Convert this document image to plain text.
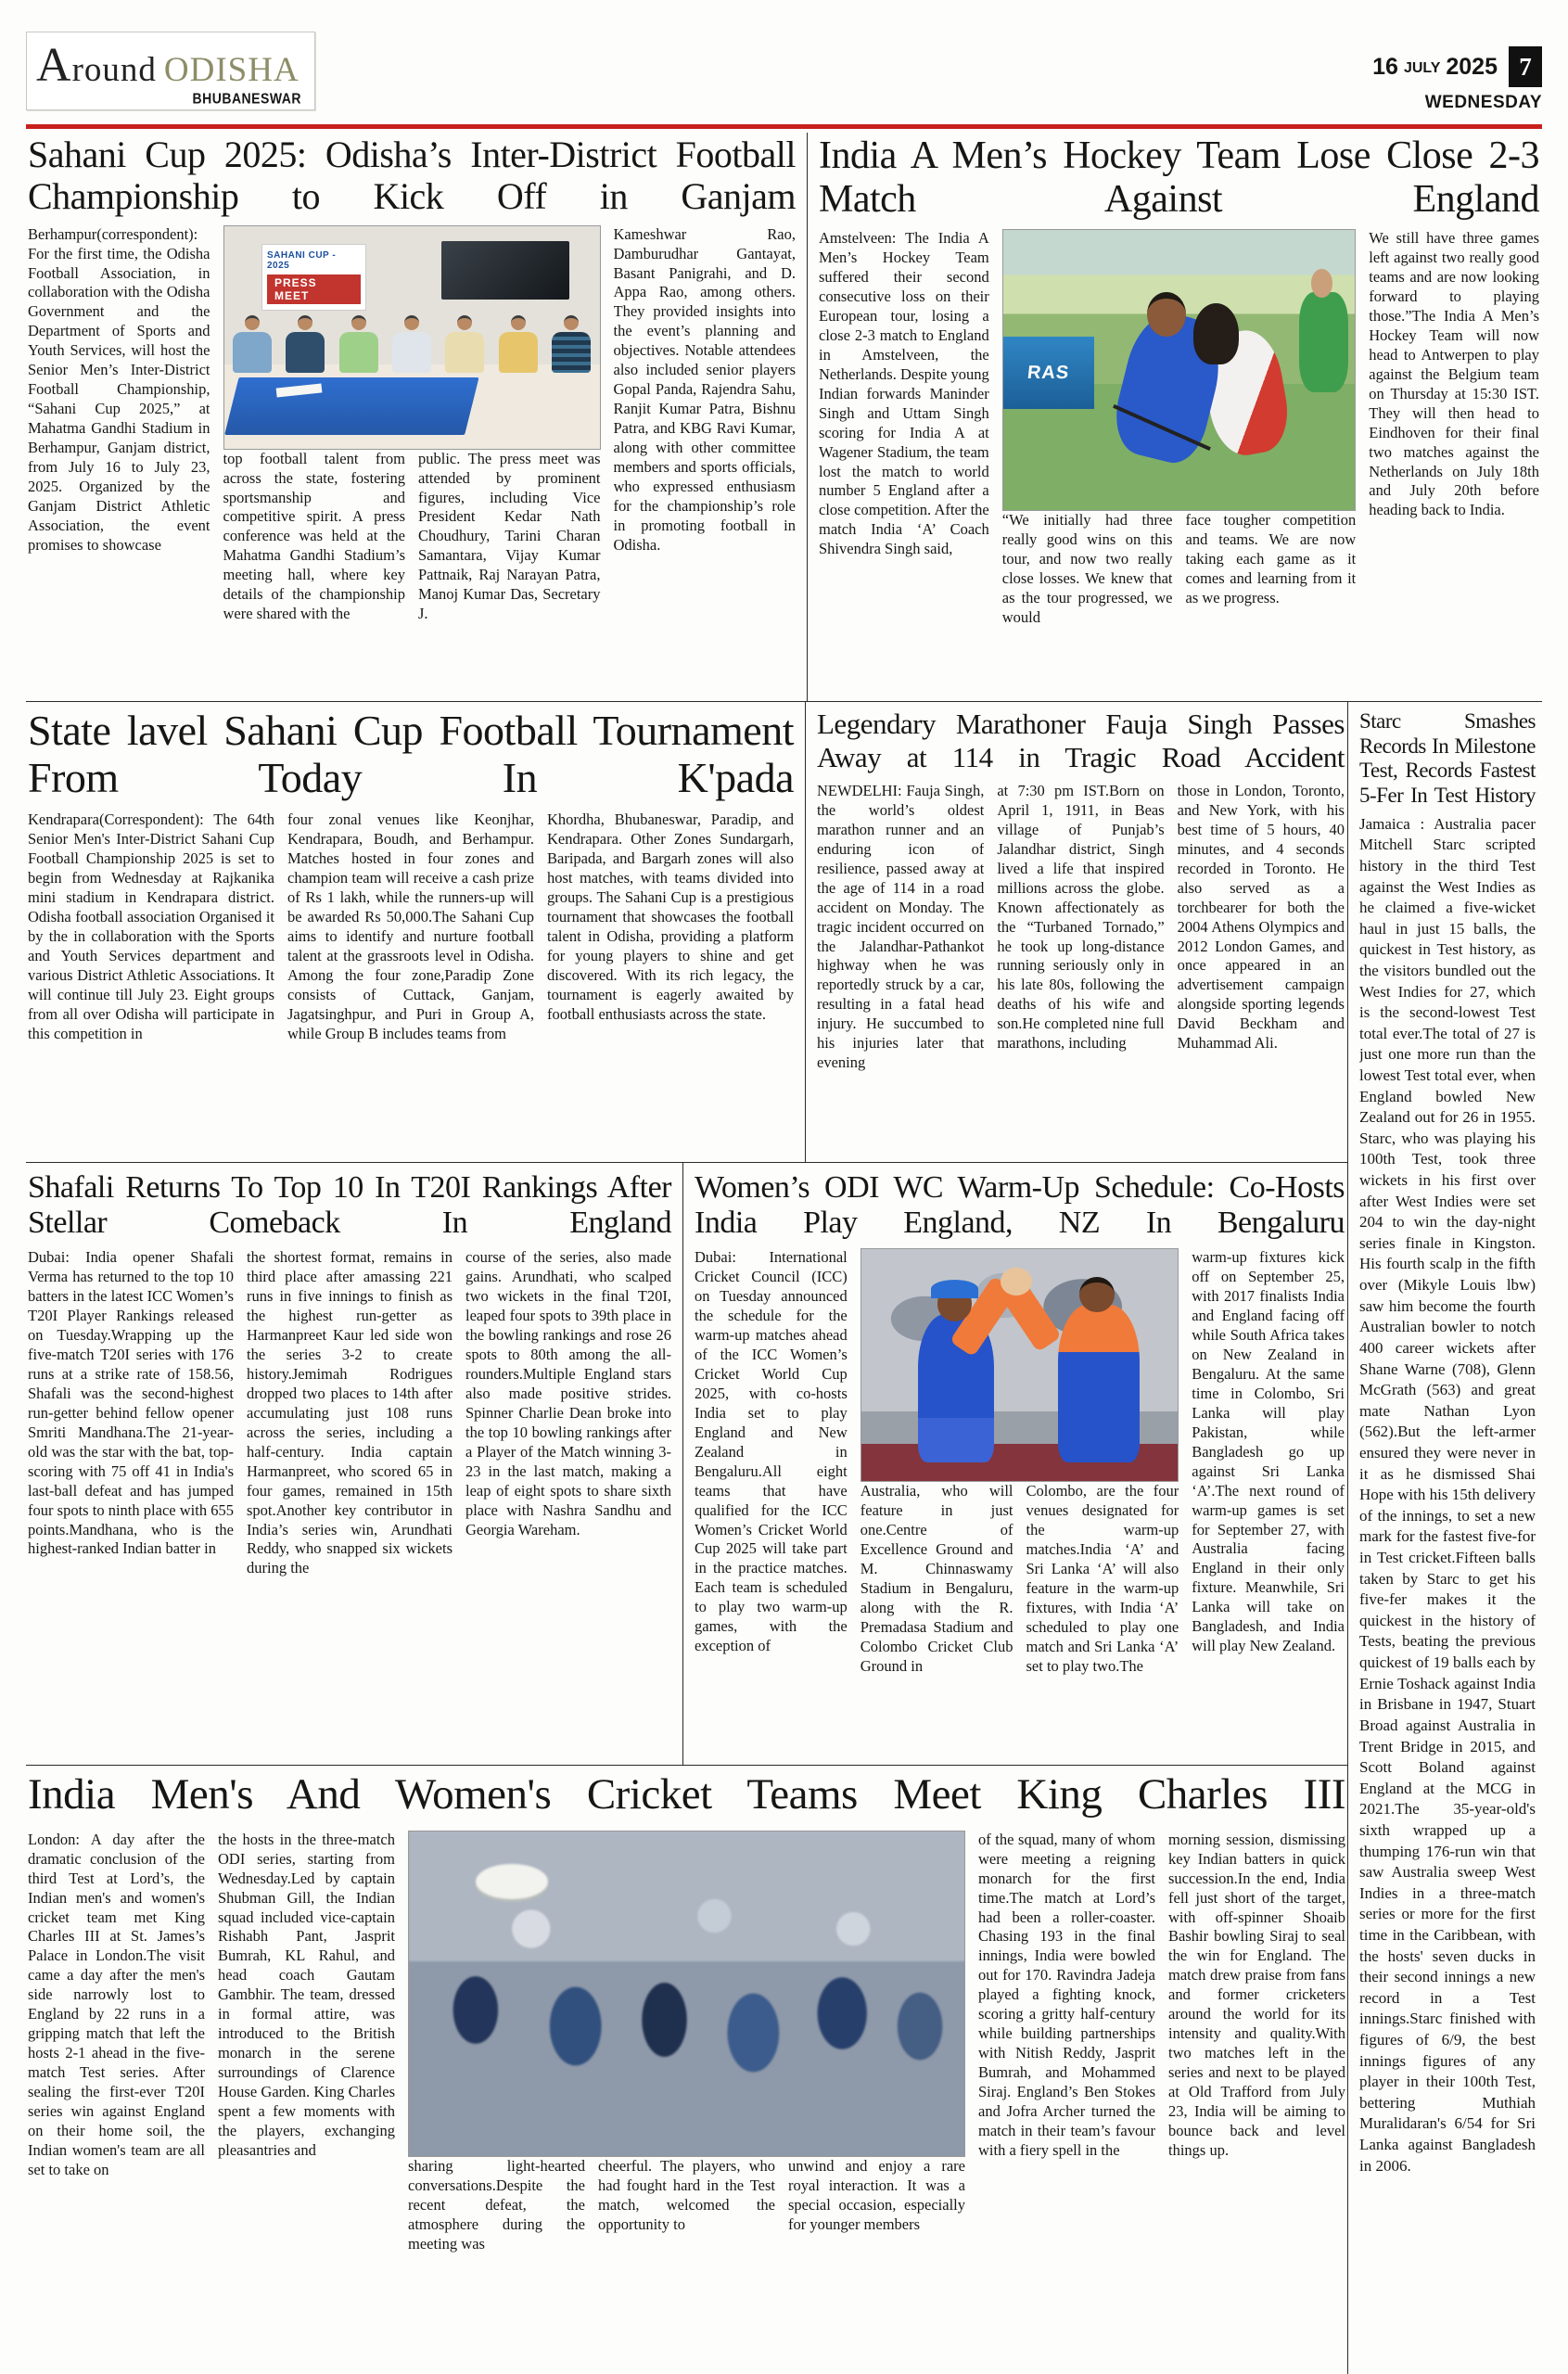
Around ODISHA
BHUBANESWAR
16 JULY 2025 7
WEDNESDAY
Sahani Cup 2025: Odisha’s Inter-District Football Championship to Kick Off in Ganjam

Berhampur(correspondent): For the first time, the Odisha Football Association, in collaboration with the Odisha Government and the Department of Sports and Youth Services, will host the Senior Men’s Inter-District Football Championship, “Sahani Cup 2025,” at Mahatma Gandhi Stadium in Berhampur, Ganjam district, from July 16 to July 23, 2025. Organized by the Ganjam District Athletic Association, the event promises to showcase

SAHANI CUP - 2025
PRESS MEET

top football talent from across the state, fostering sportsmanship and competitive spirit. A press conference was held at the Mahatma Gandhi Stadium’s meeting hall, where key details of the championship were shared with the

public. The press meet was attended by prominent figures, including Vice President Kedar Nath Choudhury, Tarini Charan Samantara, Vijay Kumar Pattnaik, Raj Narayan Patra, Manoj Kumar Das, Secretary J.

Kameshwar Rao, Damburudhar Gantayat, Basant Panigrahi, and D. Appa Rao, among others. They provided insights into the event’s planning and objectives. Notable attendees also included senior players Gopal Panda, Rajendra Sahu, Ranjit Kumar Patra, Bishnu Patra, and KBG Ravi Kumar, along with other committee members and sports officials, who expressed enthusiasm for the championship’s role in promoting football in Odisha.

India A Men’s Hockey Team Lose Close 2-3 Match Against England

Amstelveen: The India A Men’s Hockey Team suffered their second consecutive loss on their European tour, losing a close 2-3 match to England in Amstelveen, the Netherlands. Despite young Indian forwards Maninder Singh and Uttam Singh scoring for India A at Wagener Stadium, the team lost the match to world number 5 England after a close competition. After the match India ‘A’ Coach Shivendra Singh said,

RAS

“We initially had three really good wins on this tour, and now two really close losses. We knew that as the tour progressed, we would

face tougher competition and teams. We are now taking each game as it comes and learning from it as we progress.

We still have three games left against two really good teams and are now looking forward to playing those.”The India A Men’s Hockey Team will now head to Antwerpen to play against the Belgium team on Thursday at 15:30 IST. They will then head to Eindhoven for their final two matches against the Netherlands on July 18th and July 20th before heading back to India.

State lavel Sahani Cup Football Tournament From Today In K'pada

Kendrapara(Correspondent): The 64th Senior Men's Inter-District Sahani Cup Football Championship 2025 is set to begin from Wednesday at Rajkanika mini stadium in Kendrapara district. Odisha football association Organised it by the in collaboration with the Sports and Youth Services department and various District Athletic Associations. It will continue till July 23. Eight groups from all over Odisha will participate in this competition in

four zonal venues like Keonjhar, Kendrapara, Boudh, and Berhampur. Matches hosted in four zones and champion team will receive a cash prize of Rs 1 lakh, while the runners-up will be awarded Rs 50,000.The Sahani Cup aims to identify and nurture football talent at the grassroots level in Odisha. Among the four zone,Paradip Zone consists of Cuttack, Ganjam, Jagatsinghpur, and Puri in Group A, while Group B includes teams from

Khordha, Bhubaneswar, Paradip, and Kendrapara. Other Zones Sundargarh, Baripada, and Bargarh zones will also host matches, with teams divided into groups. The Sahani Cup is a prestigious tournament that showcases the football talent in Odisha, providing a platform for young players to shine and get discovered. With its rich legacy, the tournament is eagerly awaited by football enthusiasts across the state.

Legendary Marathoner Fauja Singh Passes Away at 114 in Tragic Road Accident

NEWDELHI: Fauja Singh, the world’s oldest marathon runner and an enduring icon of resilience, passed away at the age of 114 in a road accident on Monday. The tragic incident occurred on the Jalandhar-Pathankot highway when he was reportedly struck by a car, resulting in a fatal head injury. He succumbed to his injuries later that evening

at 7:30 pm IST.Born on April 1, 1911, in Beas village of Punjab’s Jalandhar district, Singh lived a life that inspired millions across the globe. Known affectionately as the “Turbaned Tornado,” he took up long-distance running seriously only in his late 80s, following the deaths of his wife and son.He completed nine full marathons, including

those in London, Toronto, and New York, with his best time of 5 hours, 40 minutes, and 4 seconds recorded in Toronto. He also served as a torchbearer for both the 2004 Athens Olympics and 2012 London Games, and once appeared in an advertisement campaign alongside sporting legends David Beckham and Muhammad Ali.

Shafali Returns To Top 10 In T20I Rankings After Stellar Comeback In England

Dubai: India opener Shafali Verma has returned to the top 10 batters in the latest ICC Women’s T20I Player Rankings released on Tuesday.Wrapping up the five-match T20I series with 176 runs at a strike rate of 158.56, Shafali was the second-highest run-getter behind fellow opener Smriti Mandhana.The 21-year-old was the star with the bat, top-scoring with 75 off 41 in India's last-ball defeat and has jumped four spots to ninth place with 655 points.Mandhana, who is the highest-ranked Indian batter in

the shortest format, remains in third place after amassing 221 runs in five innings to finish as the highest run-getter as Harmanpreet Kaur led side won the series 3-2 to create history.Jemimah Rodrigues dropped two places to 14th after accumulating just 108 runs across the series, including a half-century. India captain Harmanpreet, who scored 65 in four games, remained in 15th spot.Another key contributor in India’s series win, Arundhati Reddy, who snapped six wickets during the

course of the series, also made gains. Arundhati, who scalped two wickets in the final T20I, leaped four spots to 39th place in the bowling rankings and rose 26 spots to 80th among the all-rounders.Multiple England stars also made positive strides. Spinner Charlie Dean broke into the top 10 bowling rankings after a Player of the Match winning 3-23 in the last match, making a leap of eight spots to share sixth place with Nashra Sandhu and Georgia Wareham.

Women’s ODI WC Warm-Up Schedule: Co-Hosts India Play England, NZ In Bengaluru

Dubai: International Cricket Council (ICC) on Tuesday announced the schedule for the warm-up matches ahead of the ICC Women’s Cricket World Cup 2025, with co-hosts India set to play England and New Zealand in Bengaluru.All eight teams that have qualified for the ICC Women’s Cricket World Cup 2025 will take part in the practice matches. Each team is scheduled to play two warm-up games, with the exception of

Australia, who will feature in just one.Centre of Excellence Ground and M. Chinnaswamy Stadium in Bengaluru, along with the R. Premadasa Stadium and Colombo Cricket Club Ground in

Colombo, are the four venues designated for the warm-up matches.India ‘A’ and Sri Lanka ‘A’ will also feature in the warm-up fixtures, with India ‘A’ scheduled to play one match and Sri Lanka ‘A’ set to play two.The

warm-up fixtures kick off on September 25, with 2017 finalists India and England facing off while South Africa takes on New Zealand in Bengaluru. At the same time in Colombo, Sri Lanka will play Pakistan, while Bangladesh go up against Sri Lanka ‘A’.The next round of warm-up games is set for September 27, with Australia facing England in their only fixture. Meanwhile, Sri Lanka will take on Bangladesh, and India will play New Zealand.

India Men's And Women's Cricket Teams Meet King Charles III

London: A day after the dramatic conclusion of the third Test at Lord’s, the Indian men's and women's cricket team met King Charles III at St. James’s Palace in London.The visit came a day after the men's side narrowly lost to England by 22 runs in a gripping match that left the hosts 2-1 ahead in the five-match Test series. After sealing the first-ever T20I series win against England on their home soil, the Indian women's team are all set to take on

the hosts in the three-match ODI series, starting from Wednesday.Led by captain Shubman Gill, the Indian squad included vice-captain Rishabh Pant, Jasprit Bumrah, KL Rahul, and head coach Gautam Gambhir. The team, dressed in formal attire, was introduced to the British monarch in the serene surroundings of Clarence House Garden. King Charles spent a few moments with the players, exchanging pleasantries and

sharing light-hearted conversations.Despite the recent defeat, the atmosphere during the meeting was

cheerful. The players, who had fought hard in the Test match, welcomed the opportunity to

unwind and enjoy a rare royal interaction. It was a special occasion, especially for younger members

of the squad, many of whom were meeting a reigning monarch for the first time.The match at Lord’s had been a roller-coaster. Chasing 193 in the final innings, India were bowled out for 170. Ravindra Jadeja played a fighting knock, scoring a gritty half-century while building partnerships with Nitish Reddy, Jasprit Bumrah, and Mohammed Siraj. England’s Ben Stokes and Jofra Archer turned the match in their team’s favour with a fiery spell in the

morning session, dismissing key Indian batters in quick succession.In the end, India fell just short of the target, with off-spinner Shoaib Bashir bowling Siraj to seal the win for England. The match drew praise from fans and former cricketers around the world for its intensity and quality.With two matches left in the series and next to be played at Old Trafford from July 23, India will be aiming to bounce back and level things up.

Starc Smashes Records In Milestone Test, Records Fastest 5-Fer In Test History

Jamaica : Australia pacer Mitchell Starc scripted history in the third Test against the West Indies as he claimed a five-wicket haul in just 15 balls, the quickest in Test history, as the visitors bundled out the West Indies for 27, which is the second-lowest Test total ever.The total of 27 is just one more run than the lowest Test total ever, when England bowled New Zealand out for 26 in 1955. Starc, who was playing his 100th Test, took three wickets in his first over after West Indies were set 204 to win the day-night series finale in Kingston. His fourth scalp in the fifth over (Mikyle Louis lbw) saw him become the fourth Australian bowler to notch 400 career wickets after Shane Warne (708), Glenn McGrath (563) and great mate Nathan Lyon (562).But the left-armer ensured they were never in it as he dismissed Shai Hope with his 15th delivery of the innings, to set a new mark for the fastest five-for in Test cricket.Fifteen balls taken by Starc to get his five-fer makes it the quickest in the history of Tests, beating the previous quickest of 19 balls each by Ernie Toshack against India in Brisbane in 1947, Stuart Broad against Australia in Trent Bridge in 2015, and Scott Boland against England at the MCG in 2021.The 35-year-old's sixth wrapped up a thumping 176-run win that saw Australia sweep West Indies in a three-match series or more for the first time in the Caribbean, with the hosts' seven ducks in their second innings a new record in a Test innings.Starc finished with figures of 6/9, the best innings figures of any player in their 100th Test, bettering Muthiah Muralidaran's 6/54 for Sri Lanka against Bangladesh in 2006.
